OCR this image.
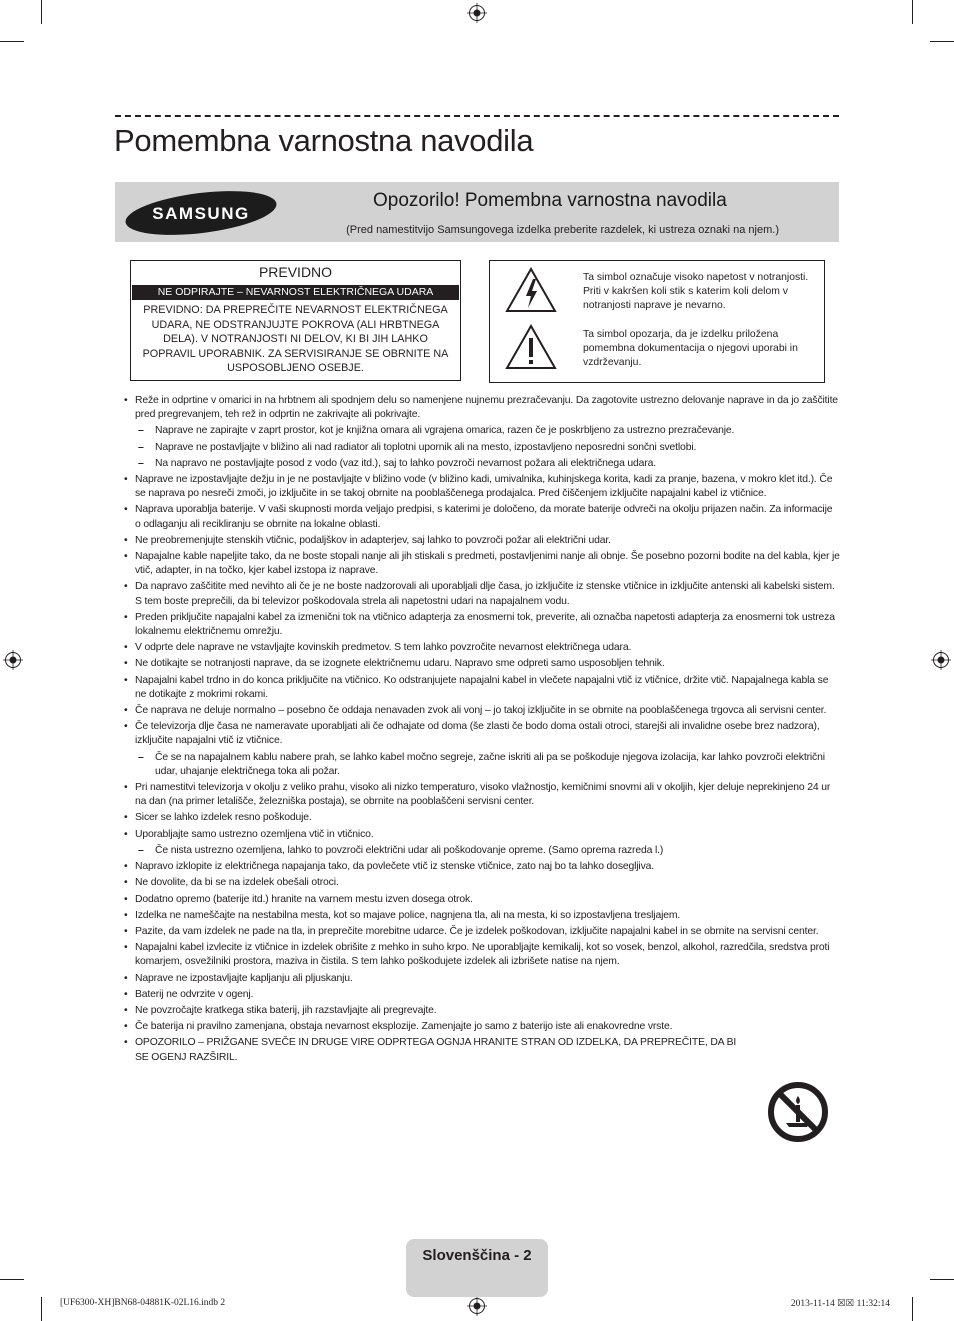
Pomembna varnostna navodila
SAMSUNG
Opozorilo! Pomembna varnostna navodila
(Pred namestitvijo Samsungovega izdelka preberite razdelek, ki ustreza oznaki na njem.)
PREVIDNO
NE ODPIRAJTE – NEVARNOST ELEKTRIČNEGA UDARA
PREVIDNO: DA PREPREČITE NEVARNOST ELEKTRIČNEGA UDARA, NE ODSTRANJUJTE POKROVA (ALI HRBTNEGA DELA). V NOTRANJOSTI NI DELOV, KI BI JIH LAHKO POPRAVIL UPORABNIK. ZA SERVISIRANJE SE OBRNITE NA USPOSOBLJENO OSEBJE.
Ta simbol označuje visoko napetost v notranjosti. Priti v kakršen koli stik s katerim koli delom v notranjosti naprave je nevarno.
Ta simbol opozarja, da je izdelku priložena pomembna dokumentacija o njegovi uporabi in vzdrževanju.
• Reže in odprtine v omarici in na hrbtnem ali spodnjem delu so namenjene nujnemu prezračevanju. Da zagotovite ustrezno delovanje naprave in da jo zaščitite pred pregrevanjem, teh rež in odprtin ne zakrivajte ali pokrivajte.
– Naprave ne zapirajte v zaprt prostor, kot je knjižna omara ali vgrajena omarica, razen če je poskrbljeno za ustrezno prezračevanje.
– Naprave ne postavljajte v bližino ali nad radiator ali toplotni upornik ali na mesto, izpostavljeno neposredni sončni svetlobi.
– Na napravo ne postavljajte posod z vodo (vaz itd.), saj to lahko povzroči nevarnost požara ali električnega udara.
• Naprave ne izpostavljajte dežju in je ne postavljajte v bližino vode (v bližino kadi, umivalnika, kuhinjskega korita, kadi za pranje, bazena, v mokro klet itd.). Če se naprava po nesreči zmoči, jo izključite in se takoj obrnite na pooblaščenega prodajalca. Pred čiščenjem izključite napajalni kabel iz vtičnice.
• Naprava uporablja baterije. V vaši skupnosti morda veljajo predpisi, s katerimi je določeno, da morate baterije odvreči na okolju prijazen način. Za informacije o odlaganju ali recikliranju se obrnite na lokalne oblasti.
• Ne preobremenjujte stenskih vtičnic, podaljškov in adapterjev, saj lahko to povzroči požar ali električni udar.
• Napajalne kable napeljite tako, da ne boste stopali nanje ali jih stiskali s predmeti, postavljenimi nanje ali obnje. Še posebno pozorni bodite na del kabla, kjer je vtič, adapter, in na točko, kjer kabel izstopa iz naprave.
• Da napravo zaščitite med nevihto ali če je ne boste nadzorovali ali uporabljali dlje časa, jo izključite iz stenske vtičnice in izključite antenski ali kabelski sistem. S tem boste preprečili, da bi televizor poškodovala strela ali napetostni udari na napajalnem vodu.
• Preden priključite napajalni kabel za izmenični tok na vtičnico adapterja za enosmerni tok, preverite, ali označba napetosti adapterja za enosmerni tok ustreza lokalnemu električnemu omrežju.
• V odprte dele naprave ne vstavljajte kovinskih predmetov. S tem lahko povzročite nevarnost električnega udara.
• Ne dotikajte se notranjosti naprave, da se izognete električnemu udaru. Napravo sme odpreti samo usposobljen tehnik.
• Napajalni kabel trdno in do konca priključite na vtičnico. Ko odstranjujete napajalni kabel in vlečete napajalni vtič iz vtičnice, držite vtič. Napajalnega kabla se ne dotikajte z mokrimi rokami.
• Če naprava ne deluje normalno – posebno če oddaja nenavaden zvok ali vonj – jo takoj izključite in se obrnite na pooblaščenega trgovca ali servisni center.
• Če televizorja dlje časa ne nameravate uporabljati ali če odhajate od doma (še zlasti če bodo doma ostali otroci, starejši ali invalidne osebe brez nadzora), izključite napajalni vtič iz vtičnice.
– Če se na napajalnem kablu nabere prah, se lahko kabel močno segreje, začne iskriti ali pa se poškoduje njegova izolacija, kar lahko povzroči električni udar, uhajanje električnega toka ali požar.
• Pri namestitvi televizorja v okolju z veliko prahu, visoko ali nizko temperaturo, visoko vlažnostjo, kemičnimi snovmi ali v okoljih, kjer deluje neprekinjeno 24 ur na dan (na primer letališče, železniška postaja), se obrnite na pooblaščeni servisni center.
• Sicer se lahko izdelek resno poškoduje.
• Uporabljajte samo ustrezno ozemljena vtič in vtičnico.
– Če nista ustrezno ozemljena, lahko to povzroči električni udar ali poškodovanje opreme. (Samo oprema razreda l.)
• Napravo izklopite iz električnega napajanja tako, da povlečete vtič iz stenske vtičnice, zato naj bo ta lahko dosegljiva.
• Ne dovolite, da bi se na izdelek obešali otroci.
• Dodatno opremo (baterije itd.) hranite na varnem mestu izven dosega otrok.
• Izdelka ne nameščajte na nestabilna mesta, kot so majave police, nagnjena tla, ali na mesta, ki so izpostavljena tresljajem.
• Pazite, da vam izdelek ne pade na tla, in preprečite morebitne udarce. Če je izdelek poškodovan, izključite napajalni kabel in se obrnite na servisni center.
• Napajalni kabel izvlecite iz vtičnice in izdelek obrišite z mehko in suho krpo. Ne uporabljajte kemikalij, kot so vosek, benzol, alkohol, razredčila, sredstva proti komarjem, osvežilniki prostora, maziva in čistila. S tem lahko poškodujete izdelek ali izbrišete natise na njem.
• Naprave ne izpostavljajte kapljanju ali pljuskanju.
• Baterij ne odvrzite v ogenj.
• Ne povzročajte kratkega stika baterij, jih razstavljajte ali pregrevajte.
• Če baterija ni pravilno zamenjana, obstaja nevarnost eksplozije. Zamenjajte jo samo z baterijo iste ali enakovredne vrste.
• OPOZORILO – PRIŽGANE SVEČE IN DRUGE VIRE ODPRTEGA OGNJA HRANITE STRAN OD IZDELKA, DA PREPREČITE, DA BI SE OGENJ RAZŠIRIL.
Slovenščina - 2
[UF6300-XH]BN68-04881K-02L16.indb 2	2013-11-14 ☒☒ 11:32:14
